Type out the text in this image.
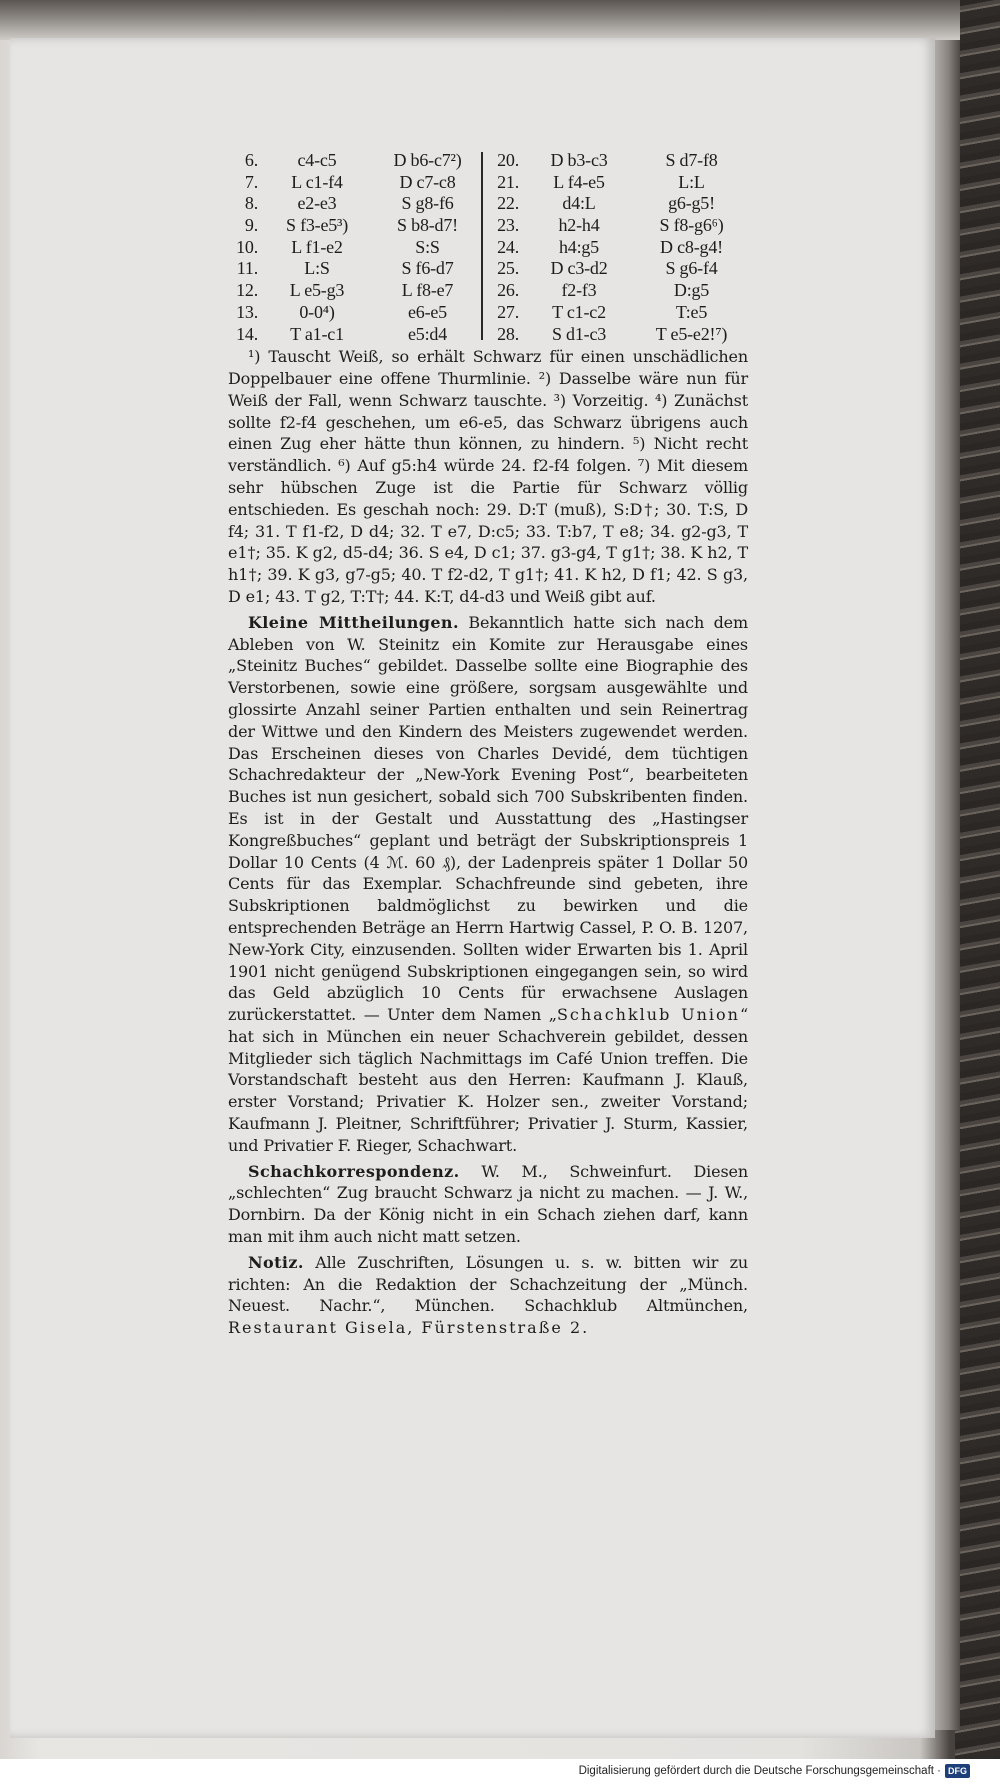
6.	c4-c5	D b6-c7²)
7.	L c1-f4	D c7-c8
8.	e2-e3	S g8-f6
9.	S f3-e5³)	S b8-d7!
10.	L f1-e2	S:S
11.	L:S	S f6-d7
12.	L e5-g3	L f8-e7
13.	0-0⁴)	e6-e5
14.	T a1-c1	e5:d4
20.	D b3-c3	S d7-f8
21.	L f4-e5	L:L
22.	d4:L	g6-g5!
23.	h2-h4	S f8-g6⁶)
24.	h4:g5	D c8-g4!
25.	D c3-d2	S g6-f4
26.	f2-f3	D:g5
27.	T c1-c2	T:e5
28.	S d1-c3	T e5-e2!⁷)

¹) Tauscht Weiß, so erhält Schwarz für einen unschädlichen Doppelbauer eine offene Thurmlinie. ²) Dasselbe wäre nun für Weiß der Fall, wenn Schwarz tauschte. ³) Vorzeitig. ⁴) Zunächst sollte f2-f4 geschehen, um e6-e5, das Schwarz übrigens auch einen Zug eher hätte thun können, zu hindern. ⁵) Nicht recht verständlich. ⁶) Auf g5:h4 würde 24. f2-f4 folgen. ⁷) Mit diesem sehr hübschen Zuge ist die Partie für Schwarz völlig entschieden. Es geschah noch: 29. D:T (muß), S:D†; 30. T:S, D f4; 31. T f1-f2, D d4; 32. T e7, D:c5; 33. T:b7, T e8; 34. g2-g3, T e1†; 35. K g2, d5-d4; 36. S e4, D c1; 37. g3-g4, T g1†; 38. K h2, T h1†; 39. K g3, g7-g5; 40. T f2-d2, T g1†; 41. K h2, D f1; 42. S g3, D e1; 43. T g2, T:T†; 44. K:T, d4-d3 und Weiß gibt auf.

Kleine Mittheilungen. Bekanntlich hatte sich nach dem Ableben von W. Steinitz ein Komite zur Herausgabe eines „Steinitz Buches“ gebildet. Dasselbe sollte eine Biographie des Verstorbenen, sowie eine größere, sorgsam ausgewählte und glossirte Anzahl seiner Partien enthalten und sein Reinertrag der Wittwe und den Kindern des Meisters zugewendet werden. Das Erscheinen dieses von Charles Devidé, dem tüchtigen Schachredakteur der „New-York Evening Post“, bearbeiteten Buches ist nun gesichert, sobald sich 700 Subskribenten finden. Es ist in der Gestalt und Ausstattung des „Hastingser Kongreßbuches“ geplant und beträgt der Subskriptionspreis 1 Dollar 10 Cents (4 ℳ. 60 ₰), der Ladenpreis später 1 Dollar 50 Cents für das Exemplar. Schachfreunde sind gebeten, ihre Subskriptionen baldmöglichst zu bewirken und die entsprechenden Beträge an Herrn Hartwig Cassel, P. O. B. 1207, New-York City, einzusenden. Sollten wider Erwarten bis 1. April 1901 nicht genügend Subskriptionen eingegangen sein, so wird das Geld abzüglich 10 Cents für erwachsene Auslagen zurückerstattet. — Unter dem Namen „Schachklub Union“ hat sich in München ein neuer Schachverein gebildet, dessen Mitglieder sich täglich Nachmittags im Café Union treffen. Die Vorstandschaft besteht aus den Herren: Kaufmann J. Klauß, erster Vorstand; Privatier K. Holzer sen., zweiter Vorstand; Kaufmann J. Pleitner, Schriftführer; Privatier J. Sturm, Kassier, und Privatier F. Rieger, Schachwart.

Schachkorrespondenz. W. M., Schweinfurt. Diesen „schlechten“ Zug braucht Schwarz ja nicht zu machen. — J. W., Dornbirn. Da der König nicht in ein Schach ziehen darf, kann man mit ihm auch nicht matt setzen.

Notiz. Alle Zuschriften, Lösungen u. s. w. bitten wir zu richten: An die Redaktion der Schachzeitung der „Münch. Neuest. Nachr.“, München. Schachklub Altmünchen, Restaurant Gisela, Fürstenstraße 2.

Digitalisierung gefördert durch die Deutsche Forschungsgemeinschaft · DFG
